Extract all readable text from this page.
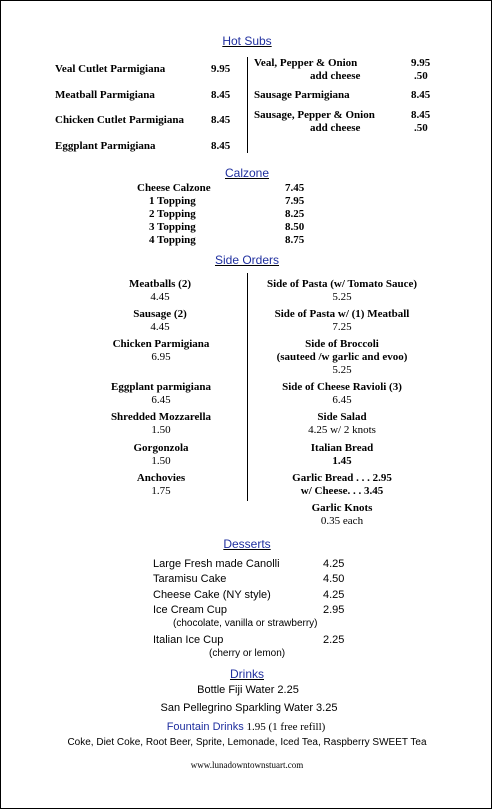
Hot Subs
Veal Cutlet Parmigiana	9.95
Meatball Parmigiana	8.45
Chicken Cutlet Parmigiana 8.45
Eggplant Parmigiana	8.45
Veal, Pepper & Onion	9.95
add cheese	.50
Sausage Parmigiana	8.45
Sausage, Pepper & Onion	8.45
add cheese	.50
Calzone
Cheese Calzone	7.45
1 Topping	7.95
2 Topping	8.25
3 Topping	8.50
4 Topping	8.75
Side Orders
Meatballs (2)
4.45
Sausage (2)
4.45
Chicken Parmigiana
6.95
Eggplant parmigiana
6.45
Shredded Mozzarella
1.50
Gorgonzola
1.50
Anchovies
1.75
Side of Pasta (w/ Tomato Sauce)
5.25
Side of Pasta w/ (1) Meatball
7.25
Side of Broccoli
(sauteed /w garlic and evoo)
5.25
Side of Cheese Ravioli (3)
6.45
Side Salad
4.25 w/ 2 knots
Italian Bread
1.45
Garlic Bread . . . 2.95
w/ Cheese. . . 3.45
Garlic Knots
0.35 each
Desserts
Large Fresh made Canolli	4.25
Taramisu Cake	4.50
Cheese Cake (NY style)	4.25
Ice Cream Cup	2.95
(chocolate, vanilla or strawberry)
Italian Ice Cup	2.25
(cherry or lemon)
Drinks
Bottle Fiji Water 2.25
San Pellegrino Sparkling Water 3.25
Fountain Drinks 1.95 (1 free refill)
Coke, Diet Coke, Root Beer, Sprite, Lemonade, Iced Tea, Raspberry SWEET Tea
www.lunadowntownstuart.com
